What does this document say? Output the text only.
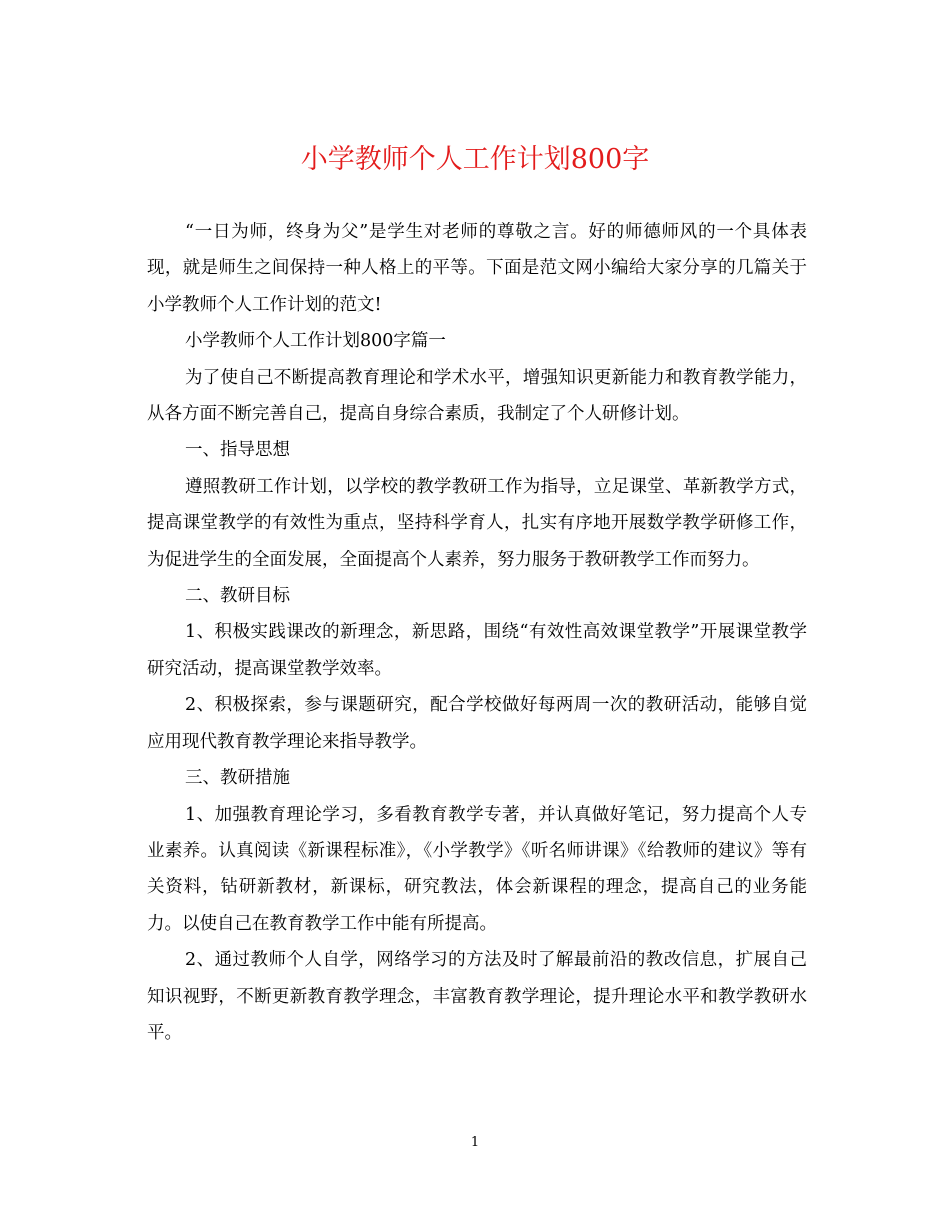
小学教师个人工作计划800字

“一日为师，终身为父”是学生对老师的尊敬之言。好的师德师风的一个具体表现，就是师生之间保持一种人格上的平等。下面是范文网小编给大家分享的几篇关于小学教师个人工作计划的范文!

小学教师个人工作计划800字篇一

为了使自己不断提高教育理论和学术水平，增强知识更新能力和教育教学能力，从各方面不断完善自己，提高自身综合素质，我制定了个人研修计划。

一、指导思想

遵照教研工作计划，以学校的教学教研工作为指导，立足课堂、革新教学方式，提高课堂教学的有效性为重点，坚持科学育人，扎实有序地开展数学教学研修工作，为促进学生的全面发展，全面提高个人素养，努力服务于教研教学工作而努力。

二、教研目标

1、积极实践课改的新理念，新思路，围绕“有效性高效课堂教学”开展课堂教学研究活动，提高课堂教学效率。

2、积极探索，参与课题研究，配合学校做好每两周一次的教研活动，能够自觉应用现代教育教学理论来指导教学。

三、教研措施

1、加强教育理论学习，多看教育教学专著，并认真做好笔记，努力提高个人专业素养。认真阅读《新课程标准》，《小学教学》《听名师讲课》《给教师的建议》等有关资料，钻研新教材，新课标，研究教法，体会新课程的理念，提高自己的业务能力。以使自己在教育教学工作中能有所提高。

2、通过教师个人自学，网络学习的方法及时了解最前沿的教改信息，扩展自己知识视野，不断更新教育教学理念，丰富教育教学理论，提升理论水平和教学教研水平。

1
